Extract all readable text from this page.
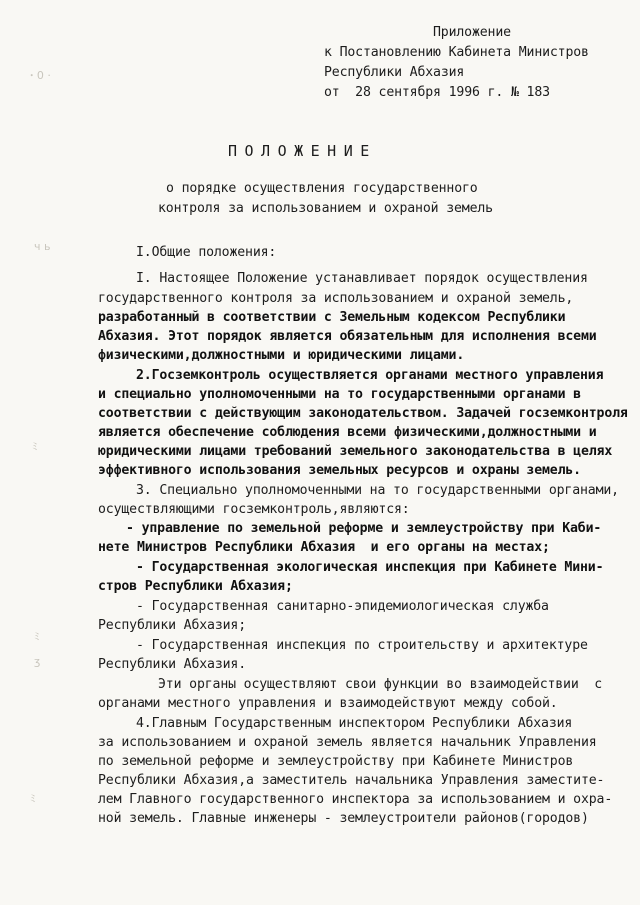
ꞏ 0 ·
ч ь
ﾐ
ﾐ
ʒ
ﾐ
Приложение
к Постановлению Кабинета Министров
Республики Абхазия
от  28 сентября 1996 г. № 183
ПОЛОЖЕНИЕ
о порядке осуществления государственного
контроля за использованием и охраной земель
I.Общие положения:
I. Настоящее Положение устанавливает порядок осуществления
государственного контроля за использованием и охраной земель,
разработанный в соответствии с Земельным кодексом Республики
Абхазия. Этот порядок является обязательным для исполнения всеми
физическими,должностными и юридическими лицами.
2.Госземконтроль осуществляется органами местного управления
и специально уполномоченными на то государственными органами в
соответствии с действующим законодательством. Задачей госземконтроля
является обеспечение соблюдения всеми физическими,должностными и
юридическими лицами требований земельного законодательства в целях
эффективного использования земельных ресурсов и охраны земель.
3. Специально уполномоченными на то государственными органами,
осуществляющими госземконтроль,являются:
- управление по земельной реформе и землеустройству при Каби-
нете Министров Республики Абхазия  и его органы на местах;
- Государственная экологическая инспекция при Кабинете Мини-
стров Республики Абхазия;
- Государственная санитарно-эпидемиологическая служба
Республики Абхазия;
- Государственная инспекция по строительству и архитектуре
Республики Абхазия.
Эти органы осуществляют свои функции во взаимодействии  с
органами местного управления и взаимодействуют между собой.
4.Главным Государственным инспектором Республики Абхазия
за использованием и охраной земель является начальник Управления
по земельной реформе и землеустройству при Кабинете Министров
Республики Абхазия,а заместитель начальника Управления заместите-
лем Главного государственного инспектора за использованием и охра-
ной земель. Главные инженеры - землеустроители районов(городов)
